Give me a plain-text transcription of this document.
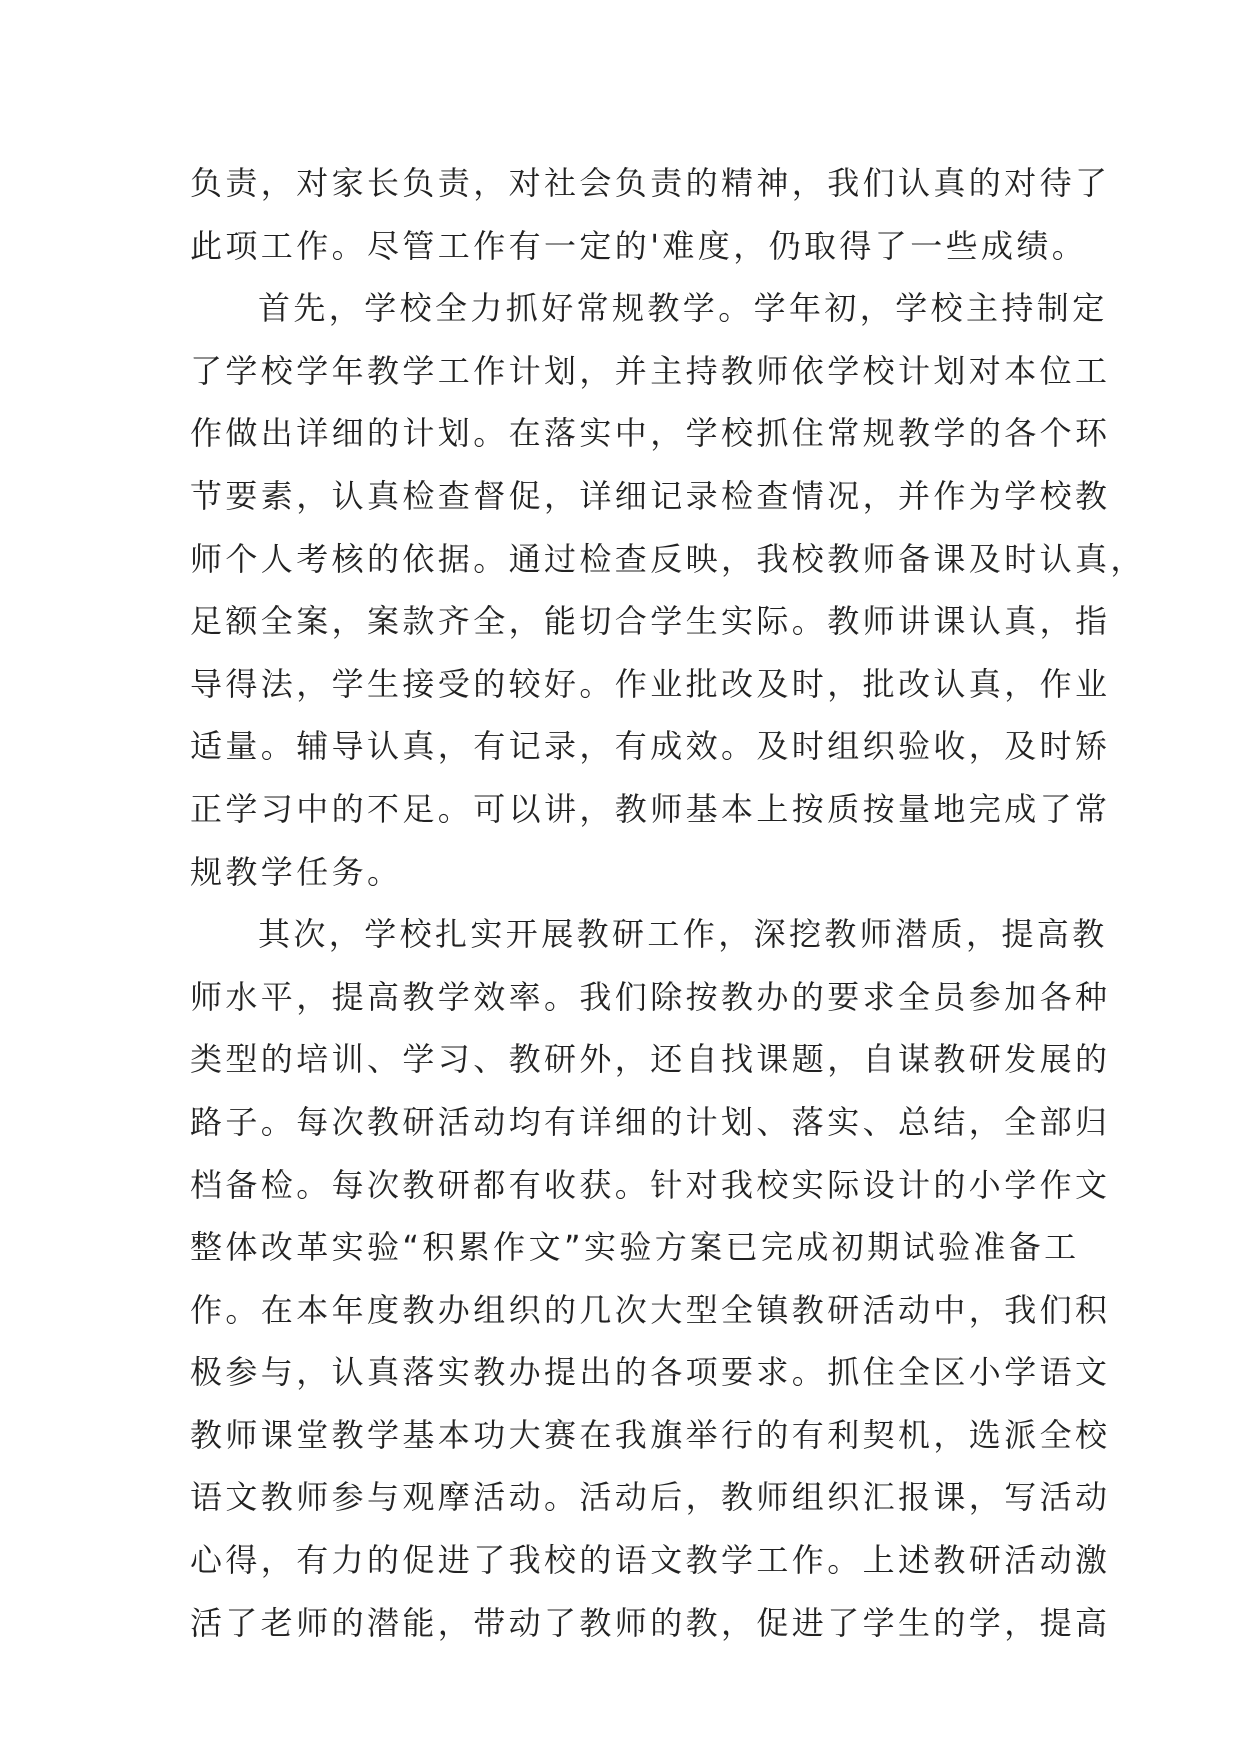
负责，对家长负责，对社会负责的精神，我们认真的对待了
此项工作。尽管工作有一定的'难度，仍取得了一些成绩。
首先，学校全力抓好常规教学。学年初，学校主持制定
了学校学年教学工作计划，并主持教师依学校计划对本位工
作做出详细的计划。在落实中，学校抓住常规教学的各个环
节要素，认真检查督促，详细记录检查情况，并作为学校教
师个人考核的依据。通过检查反映，我校教师备课及时认真，
足额全案，案款齐全，能切合学生实际。教师讲课认真，指
导得法，学生接受的较好。作业批改及时，批改认真，作业
适量。辅导认真，有记录，有成效。及时组织验收，及时矫
正学习中的不足。可以讲，教师基本上按质按量地完成了常
规教学任务。
其次，学校扎实开展教研工作，深挖教师潜质，提高教
师水平，提高教学效率。我们除按教办的要求全员参加各种
类型的培训、学习、教研外，还自找课题，自谋教研发展的
路子。每次教研活动均有详细的计划、落实、总结，全部归
档备检。每次教研都有收获。针对我校实际设计的小学作文
整体改革实验“积累作文”实验方案已完成初期试验准备工
作。在本年度教办组织的几次大型全镇教研活动中，我们积
极参与，认真落实教办提出的各项要求。抓住全区小学语文
教师课堂教学基本功大赛在我旗举行的有利契机，选派全校
语文教师参与观摩活动。活动后，教师组织汇报课，写活动
心得，有力的促进了我校的语文教学工作。上述教研活动激
活了老师的潜能，带动了教师的教，促进了学生的学，提高
